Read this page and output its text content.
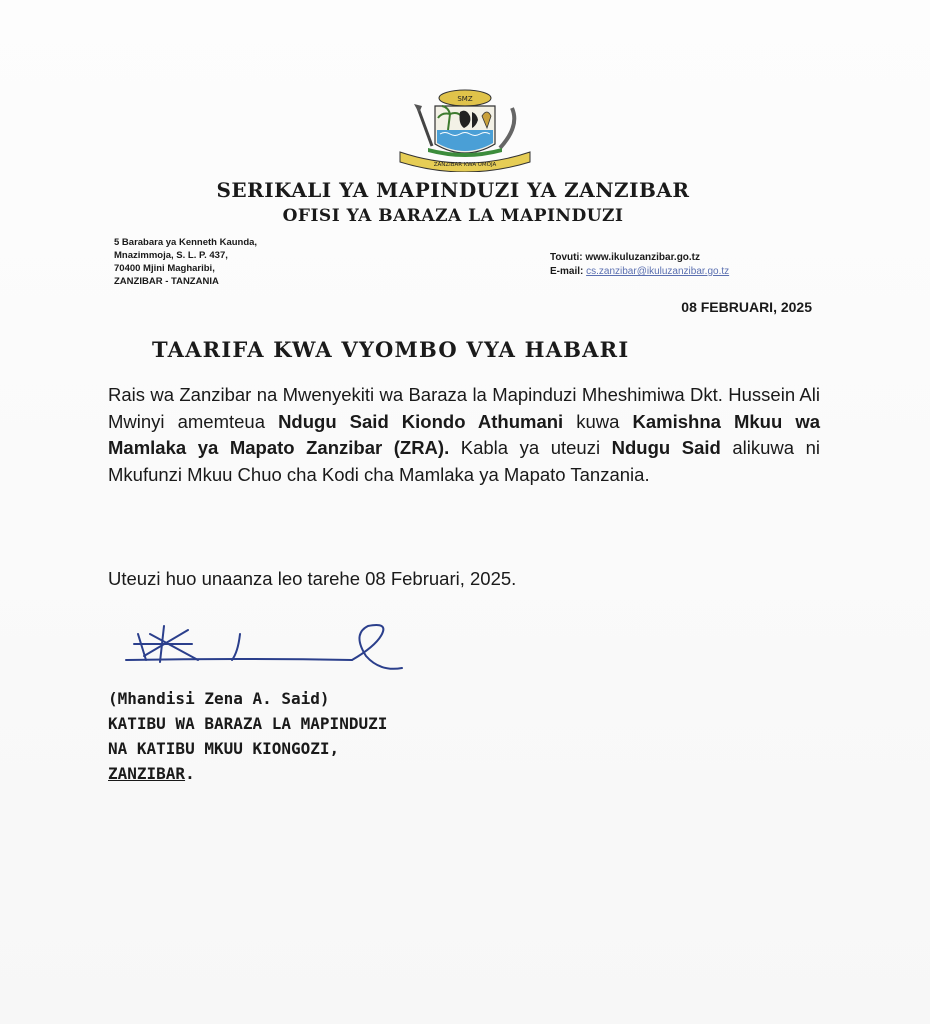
SMZ
ZANZIBAR KWA UMOJA
SERIKALI YA MAPINDUZI YA ZANZIBAR
OFISI YA BARAZA LA MAPINDUZI
5 Barabara ya Kenneth Kaunda,
Mnazimmoja, S. L. P. 437,
70400 Mjini Magharibi,
ZANZIBAR - TANZANIA
Tovuti: www.ikuluzanzibar.go.tz
E-mail: cs.zanzibar@ikuluzanzibar.go.tz
08 FEBRUARI, 2025
TAARIFA KWA VYOMBO VYA HABARI
Rais wa Zanzibar na Mwenyekiti wa Baraza la Mapinduzi Mheshimiwa Dkt. Hussein Ali Mwinyi amemteua Ndugu Said Kiondo Athumani kuwa Kamishna Mkuu wa Mamlaka ya Mapato Zanzibar (ZRA). Kabla ya uteuzi Ndugu Said alikuwa ni Mkufunzi Mkuu Chuo cha Kodi cha Mamlaka ya Mapato Tanzania.
Uteuzi huo unaanza leo tarehe 08 Februari, 2025.
(Mhandisi Zena A. Said)
KATIBU WA BARAZA LA MAPINDUZI
NA KATIBU MKUU KIONGOZI,
ZANZIBAR.
